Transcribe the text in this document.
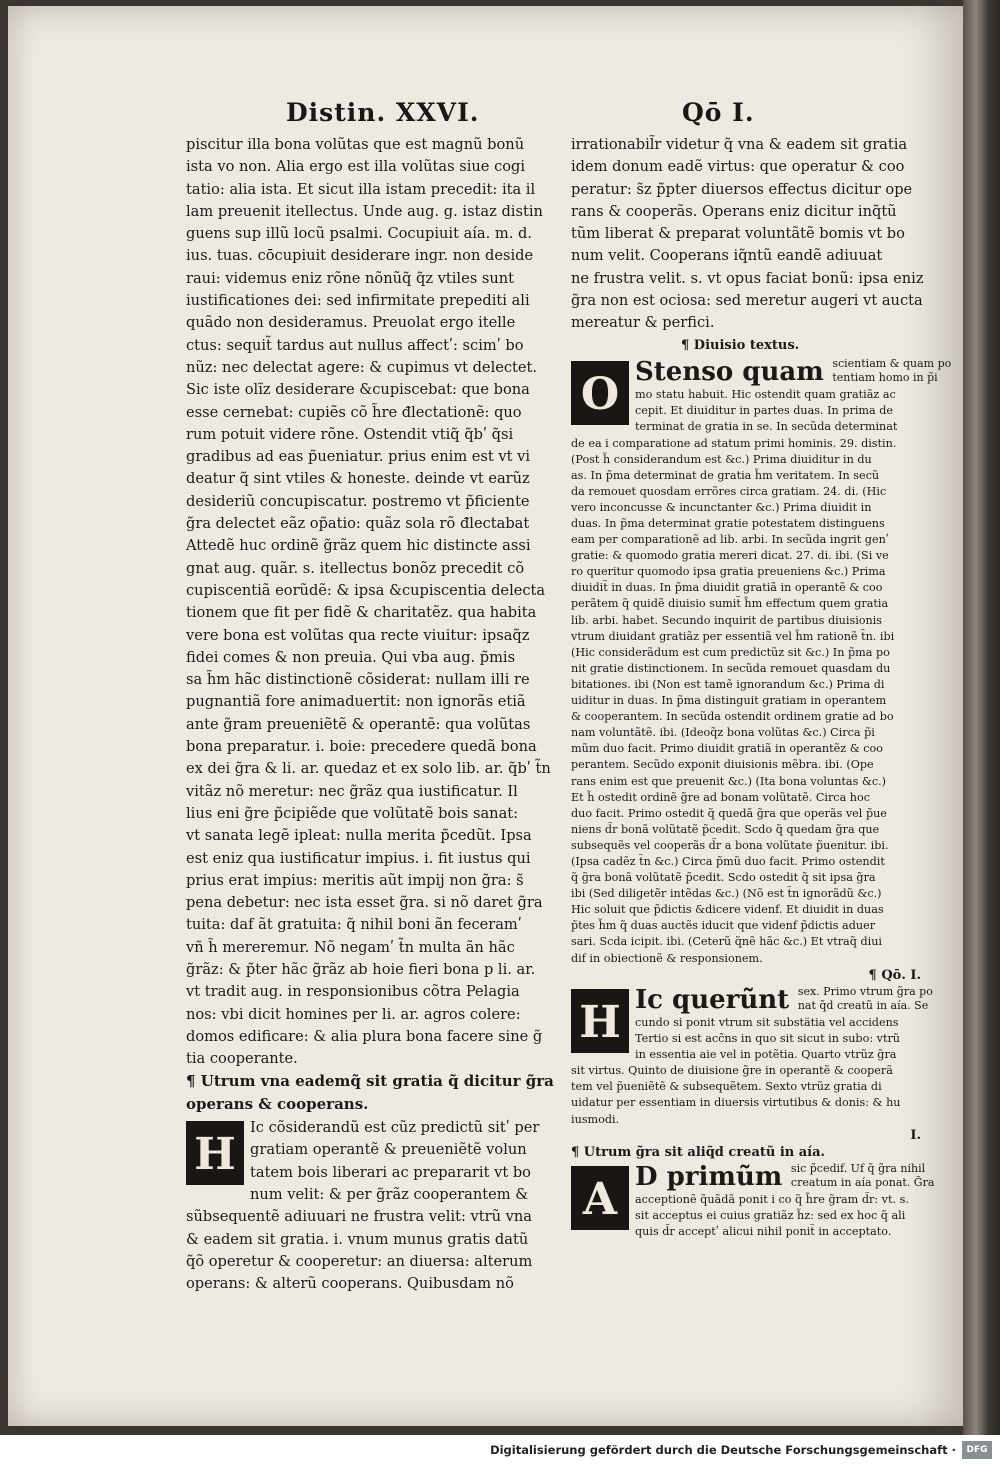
Distin. XXVI.	Qō I.
piscitur illa bona volũtas que est magnũ bonũ
ista vo non. Alia ergo est illa volũtas siue cogi
tatio: alia ista. Et sicut illa istam precedit: ita il
lam preuenit itellectus. Unde aug. g. istaz distin
guens sup illũ locũ psalmi. Cocupiuit aía. m. d.
ius. tuas. cōcupiuit desiderare ingr. non deside
raui: videmus eniz rõne nõnũq̃ q̃z vtiles sunt
iustificationes dei: sed infirmitate prepediti ali
quãdo non desideramus. Preuolat ergo itelle
ctus: sequit̃ tardus aut nullus affectʹ: scimʹ bo
nũz: nec delectat agere: & cupimus vt delectet.
Sic iste olĩz desiderare &cupiscebat: que bona
esse cernebat: cupiẽs cõ h̃re đlectationẽ: quo
rum potuit videre rõne. Ostendit vtiq̃ q̃bʹ q̃si
gradibus ad eas p̃ueniatur. prius enim est vt vi
deatur q̃ sint vtiles & honeste. deinde vt earũz
desideriũ concupiscatur. postremo vt p̃ficiente
g̃ra delectet eãz op̃atio: quãz sola rõ đlectabat
Attedẽ huc ordinẽ g̃rãz quem hic distincte assi
gnat aug. quãr. s. itellectus bonõz precedit cõ
cupiscentiã eorũdẽ: & ipsa &cupiscentia delecta
tionem que fit per fidẽ & charitatẽz. qua habita
vere bona est volũtas qua recte viuitur: ipsaq̃z
fidei comes & non preuia. Qui vba aug. p̃mis
sa h̃m hãc distinctionẽ cõsiderat: nullam illi re
pugnantiã fore animaduertit: non ignorãs etiã
ante g̃ram preueniẽtẽ & operantẽ: qua volũtas
bona preparatur. i. boie: precedere quedã bona
ex dei g̃ra & li. ar. quedaz et ex solo lib. ar. q̃bʹ t̃n
vitãz nõ meretur: nec g̃rãz qua iustificatur. Il
lius eni g̃re p̃cipiẽde que volũtatẽ bois sanat:
vt sanata legẽ ipleat: nulla merita p̃cedũt. Ipsa
est eniz qua iustificatur impius. i. fit iustus qui
prius erat impius: meritis aũt impij non g̃ra: s̃
pena debetur: nec ista esset g̃ra. si nõ daret g̃ra
tuita: daf ãt gratuita: q̃ nihil boni ãn feceramʹ
vñ h̃ mereremur. Nõ negamʹ t̃n multa ãn hãc
g̃rãz: & p̃ter hãc g̃rãz ab hoie fieri bona p li. ar.
vt tradit aug. in responsionibus cõtra Pelagia
nos: vbi dicit homines per li. ar. agros colere:
domos edificare: & alia plura bona facere sine g̃
tia cooperante.
¶ Utrum vna eademq̃ sit gratia q̃ dicitur g̃ra
operans & cooperans.
H
Ic cõsiderandũ est cũz predictũ sitʹ per
gratiam operantẽ & preueniẽtẽ volun
tatem bois liberari ac prepararit vt bo
num velit: & per g̃rãz cooperantem &
sũbsequentẽ adiuuari ne frustra velit: vtrũ vna
& eadem sit gratia. i. vnum munus gratis datũ
q̃õ operetur & cooperetur: an diuersa: alterum
operans: & alterũ cooperans. Quibusdam nõ
irrationabil̃r videtur q̃ vna & eadem sit gratia
idem donum eadẽ virtus: que operatur & coo
peratur: s̃z p̃pter diuersos effectus dicitur ope
rans & cooperãs. Operans eniz dicitur inq̃tũ
tũm liberat & preparat voluntãtẽ bomis vt bo
num velit. Cooperans iq̃ntũ eandẽ adiuuat
ne frustra velit. s. vt opus faciat bonũ: ipsa eniz
g̃ra non est ociosa: sed meretur augeri vt aucta
mereatur & perfici.
¶ Diuisio textus.
O Stenso quam scientiam & quam po
tentiam homo in p̃i
mo statu habuit. Hic ostendit quam gratiãz ac
cepit. Et diuiditur in partes duas. In prima de
terminat de gratia in se. In secũda determinat
de ea i comparatione ad statum primi hominis. 29. distin.
(Post h̃ considerandum est &c.) Prima diuiditur in du
as. In p̃ma determinat de gratia h̃m veritatem. In secũ
da remouet quosdam errõres circa gratiam. 24. di. (Hic
vero inconcusse & incunctanter &c.) Prima diuidit in
duas. In p̃ma determinat gratie potestatem distinguens
eam per comparationẽ ad lib. arbi. In secũda ingrit genʹ
gratie: & quomodo gratia mereri dicat. 27. di. ibi. (Si ve
ro queritur quomodo ipsa gratia preueniens &c.) Prima
diuidit̃ in duas. In p̃ma diuidit gratiã in operantẽ & coo
perãtem q̃ quidẽ diuisio sumit̃ h̃m effectum quem gratia
lib. arbi. habet. Secundo inquirit de partibus diuisionis
vtrum diuidant gratiãz per essentiã vel h̃m rationẽ t̃n. ibi
(Hic considerãdum est cum predictũz sit &c.) In p̃ma po
nit gratie distinctionem. In secũda remouet quasdam du
bitationes. ibi (Non est tamẽ ignorandum &c.) Prima di
uiditur in duas. In p̃ma distinguit gratiam in operantem
& cooperantem. In secũda ostendit ordinem gratie ad bo
nam voluntãtẽ. ibi. (Ideoq̃z bona volũtas &c.) Circa p̃i
mũm duo facit. Primo diuidit gratiã in operantẽz & coo
perantem. Secũdo exponit diuisionis mẽbra. ibi. (Ope
rans enim est que preuenit &c.) (Ita bona voluntas &c.)
Et h̃ ostedit ordinẽ g̃re ad bonam volũtatẽ. Circa hoc
duo facit. Primo ostedit q̃ quedã g̃ra que operãs vel p̃ue
niens d̃r bonã volũtatẽ p̃cedit. Scdo q̃ quedam g̃ra que
subsequẽs vel cooperãs d̃r a bona volũtate p̃uenitur. ibi.
(Ipsa cadẽz t̃n &c.) Circa p̃mũ duo facit. Primo ostendit
q̃ g̃ra bonã volũtatẽ p̃cedit. Scdo ostedit q̃ sit ipsa g̃ra
ibi (Sed diligetẽr intẽdas &c.) (Nõ est t̃n ignorãdũ &c.)
Hic soluit que p̃dictis &dicere videnf. Et diuidit in duas
p̃tes h̃m q̃ duas auctẽs iducit que videnf p̃dictis aduer
sari. Scda icipit. ibi. (Ceterũ q̃nẽ hãc &c.) Et vtraq̃ diui
dif in obiectionẽ & responsionem.
¶ Qō. I.
H Ic querũnt sex. Primo vtrum g̃ra po
nat q̃d creatũ in aía. Se
cundo si ponit vtrum sit substätia vel accidens
Tertio si est acc̃ns in quo sit sicut in subo: vtrũ
in essentia aie vel in potẽtia. Quarto vtrũz g̃ra
sit virtus. Quinto de diuisione g̃re in operantẽ & cooperã
tem vel p̃ueniẽtẽ & subsequẽtem. Sexto vtrũz gratia di
uidatur per essentiam in diuersis virtutibus & donis: & hu
iusmodi.
I.
¶ Utrum g̃ra sit aliq̃d creatũ in aía.
A D primũm sic p̃cedif. Uf q̃ g̃ra nihil
creatum in aía ponat. G̃ra
acceptionẽ q̃uãdã ponit i co q̃ h̃re g̃ram d̃r: vt. s.
sit acceptus ei cuius gratiãz h̃z: sed ex hoc q̃ ali
quis d̃r acceptʹ alicui nihil ponit̃ in acceptato.
Digitalisierung gefördert durch die Deutsche Forschungsgemeinschaft ·	DFG
